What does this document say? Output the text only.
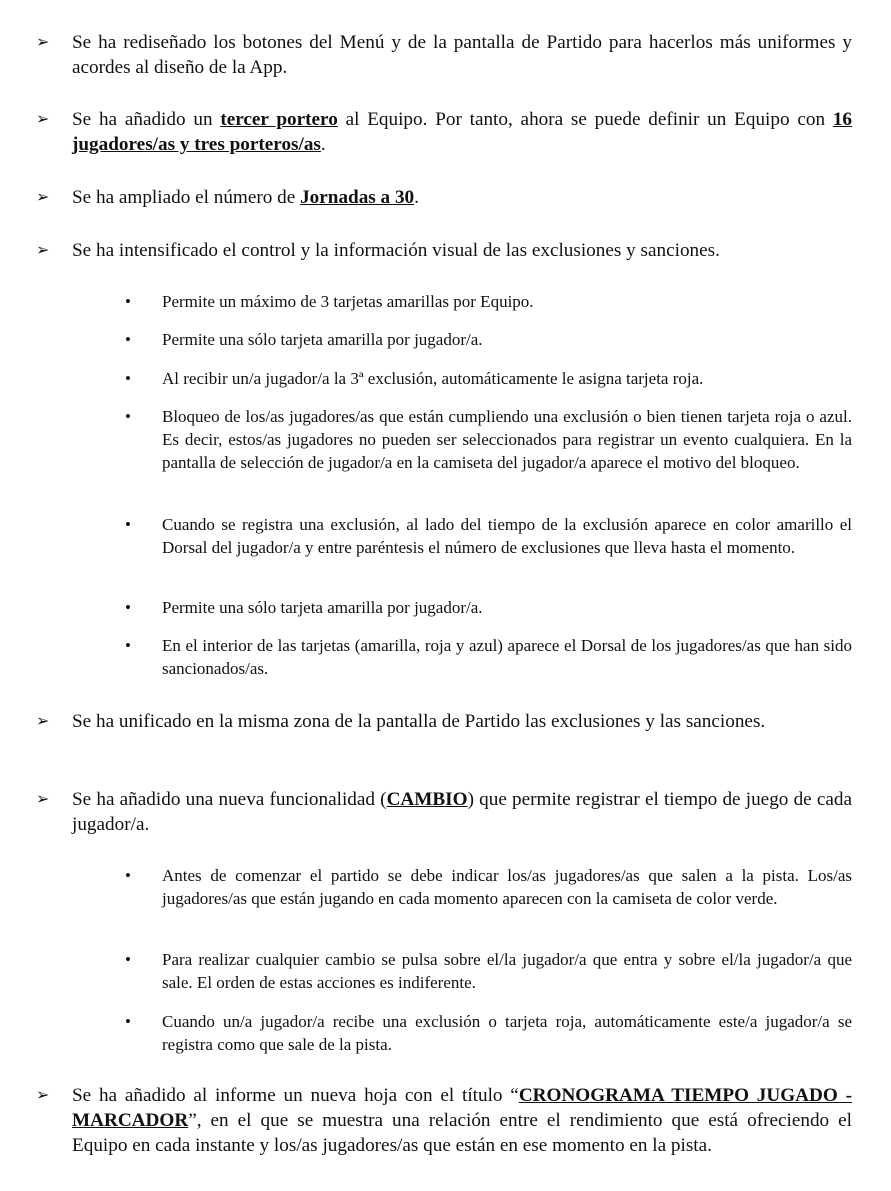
➢	Se ha rediseñado los botones del Menú y de la pantalla de Partido para hacerlos más uniformes y acordes al diseño de la App.
➢	Se ha añadido un tercer portero al Equipo. Por tanto, ahora se puede definir un Equipo con 16 jugadores/as y tres porteros/as.
➢	Se ha ampliado el número de Jornadas a 30.
➢	Se ha intensificado el control y la información visual de las exclusiones y sanciones.
• Permite un máximo de 3 tarjetas amarillas por Equipo.
• Permite una sólo tarjeta amarilla por jugador/a.
• Al recibir un/a jugador/a la 3ª exclusión, automáticamente le asigna tarjeta roja.
• Bloqueo de los/as jugadores/as que están cumpliendo una exclusión o bien tienen tarjeta roja o azul. Es decir, estos/as jugadores no pueden ser seleccionados para registrar un evento cualquiera. En la pantalla de selección de jugador/a en la camiseta del jugador/a aparece el motivo del bloqueo.
• Cuando se registra una exclusión, al lado del tiempo de la exclusión aparece en color amarillo el Dorsal del jugador/a y entre paréntesis el número de exclusiones que lleva hasta el momento.
• Permite una sólo tarjeta amarilla por jugador/a.
• En el interior de las tarjetas (amarilla, roja y azul) aparece el Dorsal de los jugadores/as que han sido sancionados/as.
➢	Se ha unificado en la misma zona de la pantalla de Partido las exclusiones y las sanciones.
➢	Se ha añadido una nueva funcionalidad (CAMBIO) que permite registrar el tiempo de juego de cada jugador/a.
• Antes de comenzar el partido se debe indicar los/as jugadores/as que salen a la pista. Los/as jugadores/as que están jugando en cada momento aparecen con la camiseta de color verde.
• Para realizar cualquier cambio se pulsa sobre el/la jugador/a que entra y sobre el/la jugador/a que sale. El orden de estas acciones es indiferente.
• Cuando un/a jugador/a recibe una exclusión o tarjeta roja, automáticamente este/a jugador/a se registra como que sale de la pista.
➢	Se ha añadido al informe un nueva hoja con el título “CRONOGRAMA TIEMPO JUGADO - MARCADOR”, en el que se muestra una relación entre el rendimiento que está ofreciendo el Equipo en cada instante y los/as jugadores/as que están en ese momento en la pista.
